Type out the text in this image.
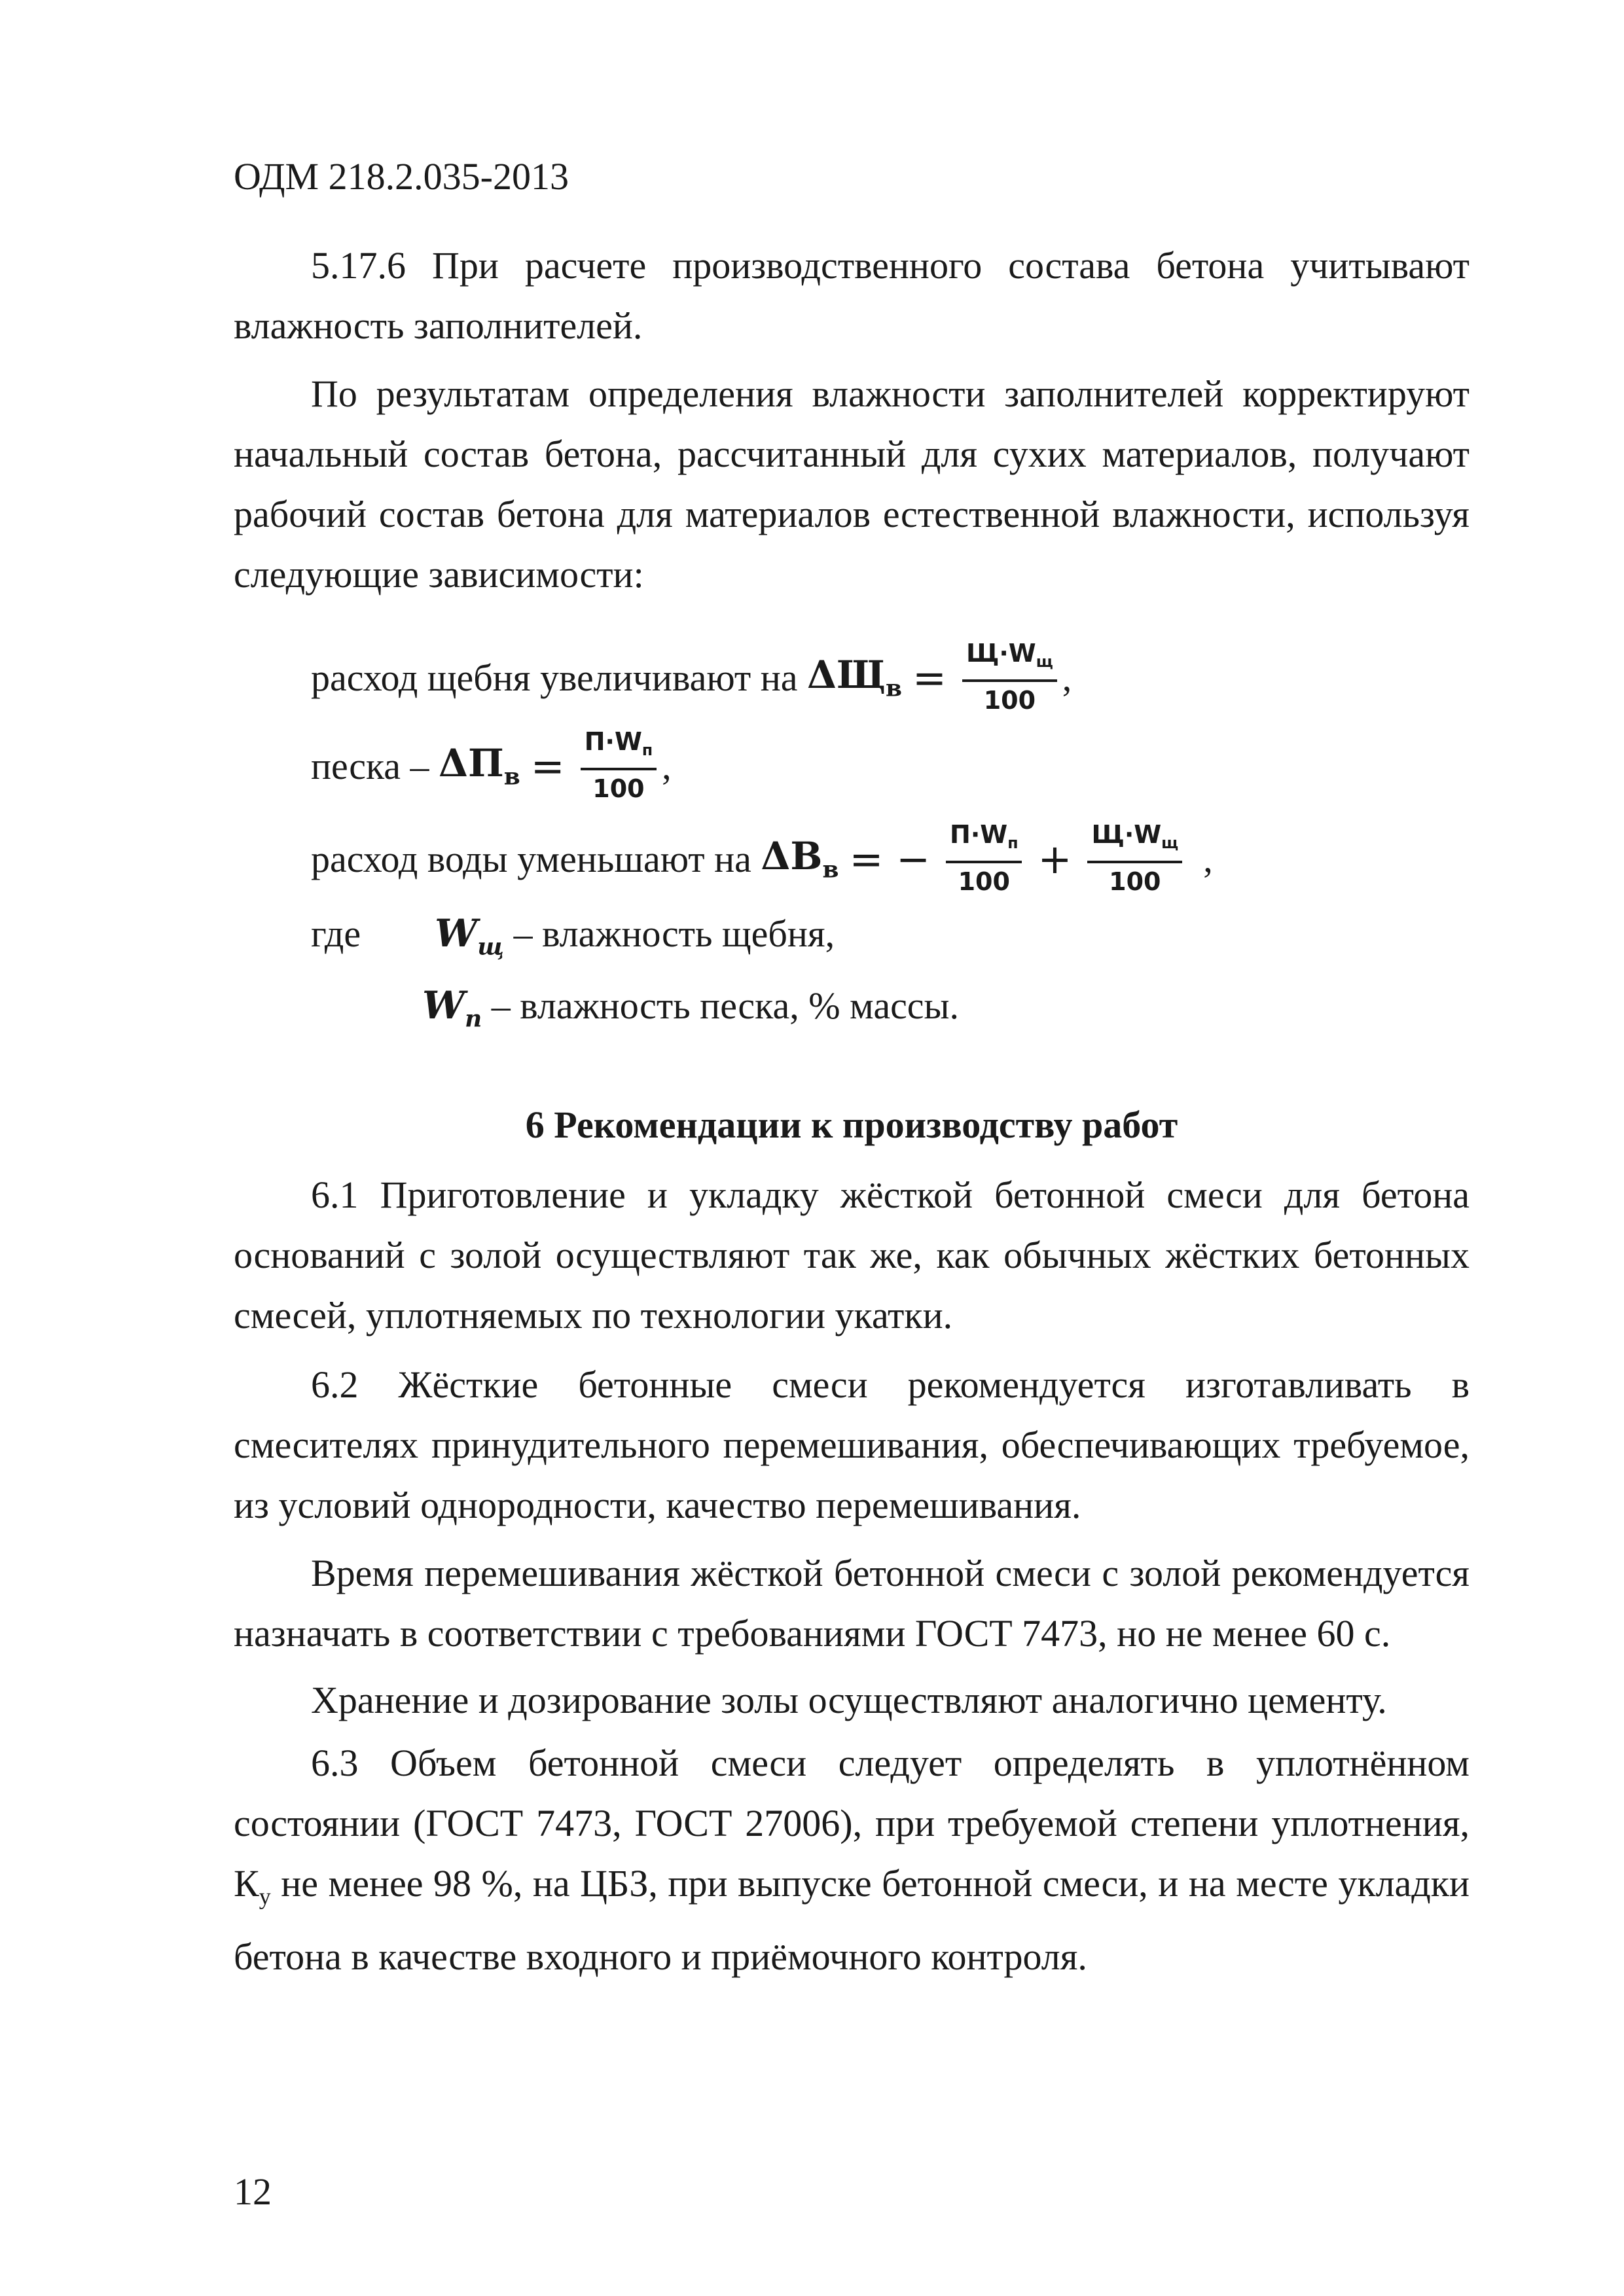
ОДМ 218.2.035-2013

5.17.6 При расчете производственного состава бетона учитывают

влажность заполнителей.

По результатам определения влажности заполнителей корректируют начальный состав бетона, рассчитанный для сухих материалов, получают рабочий состав бетона для материалов естественной влажности, используя следующие зависимости:

расход щебня увеличивают на
$\Delta Щ_в = \frac{Щ\cdot W_щ}{100}$ ,
песка –
$\Delta П_в = \frac{П\cdot W_п}{100}$ ,
расход воды уменьшают на
$\Delta В_в$ = − $\frac{П\cdot W_п}{100} + \frac{Щ\cdot W_щ}{100}$ ,
где $W_щ$ – влажность щебня,
$W_п$ – влажность песка, % массы.
6 Рекомендации к производству работ

6.1 Приготовление и укладку жёсткой бетонной смеси для бетона оснований с золой осуществляют так же, как обычных жёстких бетонных смесей, уплотняемых по технологии укатки.

6.2 Жёсткие бетонные смеси рекомендуется изготавливать в смесителях принудительного перемешивания, обеспечивающих требуемое, из условий однородности, качество перемешивания.

Время перемешивания жёсткой бетонной смеси с золой рекомендуется назначать в соответствии с требованиями ГОСТ 7473, но не менее 60 с.

Хранение и дозирование золы осуществляют аналогично цементу.

6.3 Объем бетонной смеси следует определять в уплотнённом состоянии (ГОСТ 7473, ГОСТ 27006), при требуемой степени уплотнения, $К_у$ не менее 98 %, на ЦБЗ, при выпуске бетонной смеси, и на месте укладки бетона в качестве входного и приёмочного контроля.

12
